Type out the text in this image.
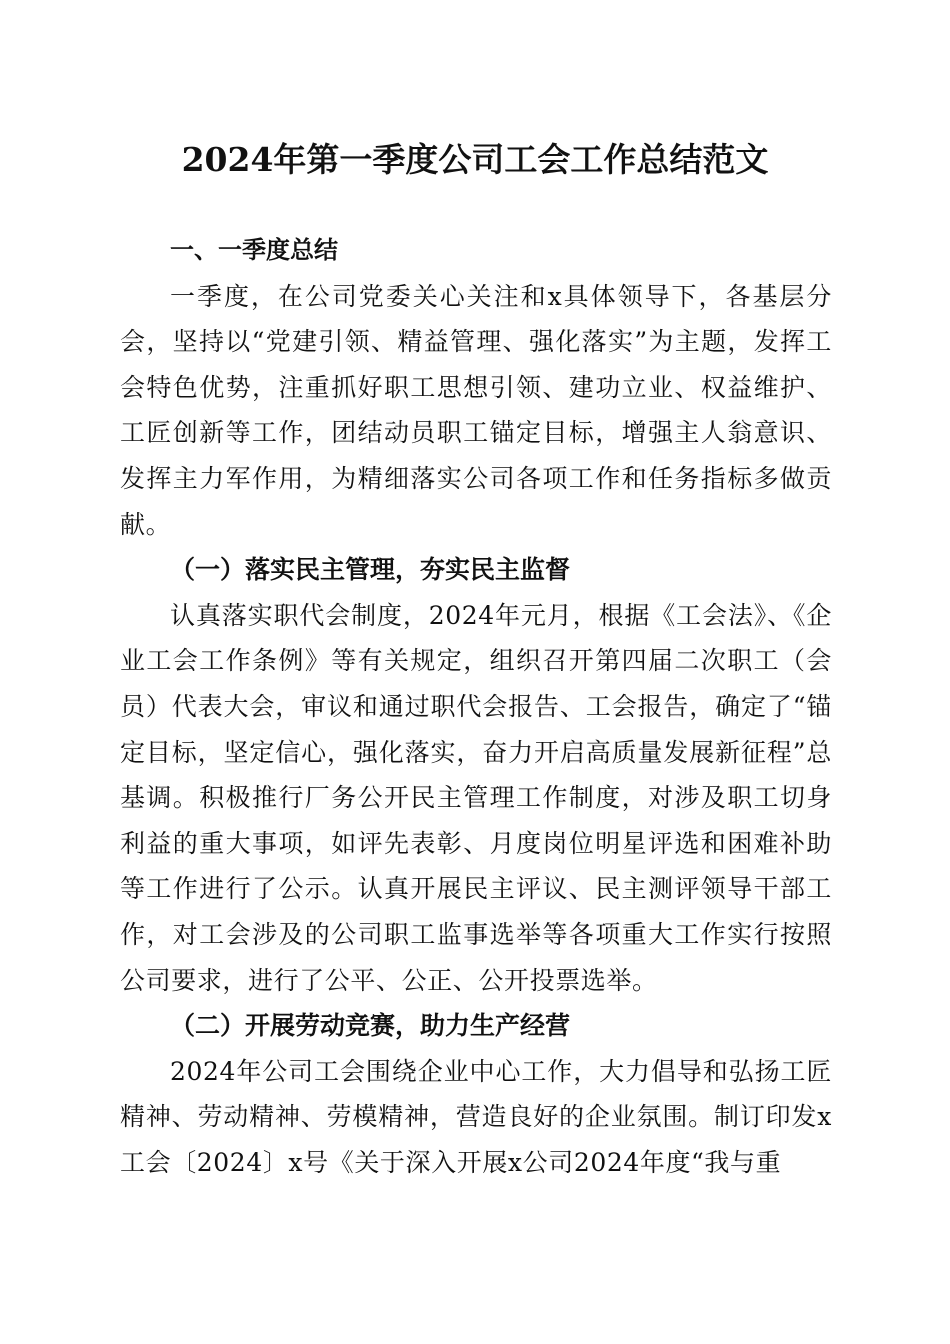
2024年第一季度公司工会工作总结范文

一、一季度总结

一季度，在公司党委关心关注和x具体领导下，各基层分会，坚持以“党建引领、精益管理、强化落实”为主题，发挥工会特色优势，注重抓好职工思想引领、建功立业、权益维护、工匠创新等工作，团结动员职工锚定目标，增强主人翁意识、发挥主力军作用，为精细落实公司各项工作和任务指标多做贡献。

（一）落实民主管理，夯实民主监督

认真落实职代会制度，2024年元月，根据《工会法》、《企业工会工作条例》等有关规定，组织召开第四届二次职工（会员）代表大会，审议和通过职代会报告、工会报告，确定了“锚定目标，坚定信心，强化落实，奋力开启高质量发展新征程”总基调。积极推行厂务公开民主管理工作制度，对涉及职工切身利益的重大事项，如评先表彰、月度岗位明星评选和困难补助等工作进行了公示。认真开展民主评议、民主测评领导干部工作，对工会涉及的公司职工监事选举等各项重大工作实行按照公司要求，进行了公平、公正、公开投票选举。

（二）开展劳动竞赛，助力生产经营

2024年公司工会围绕企业中心工作，大力倡导和弘扬工匠精神、劳动精神、劳模精神，营造良好的企业氛围。制订印发x工会〔2024〕x号《关于深入开展x公司2024年度“我与重
